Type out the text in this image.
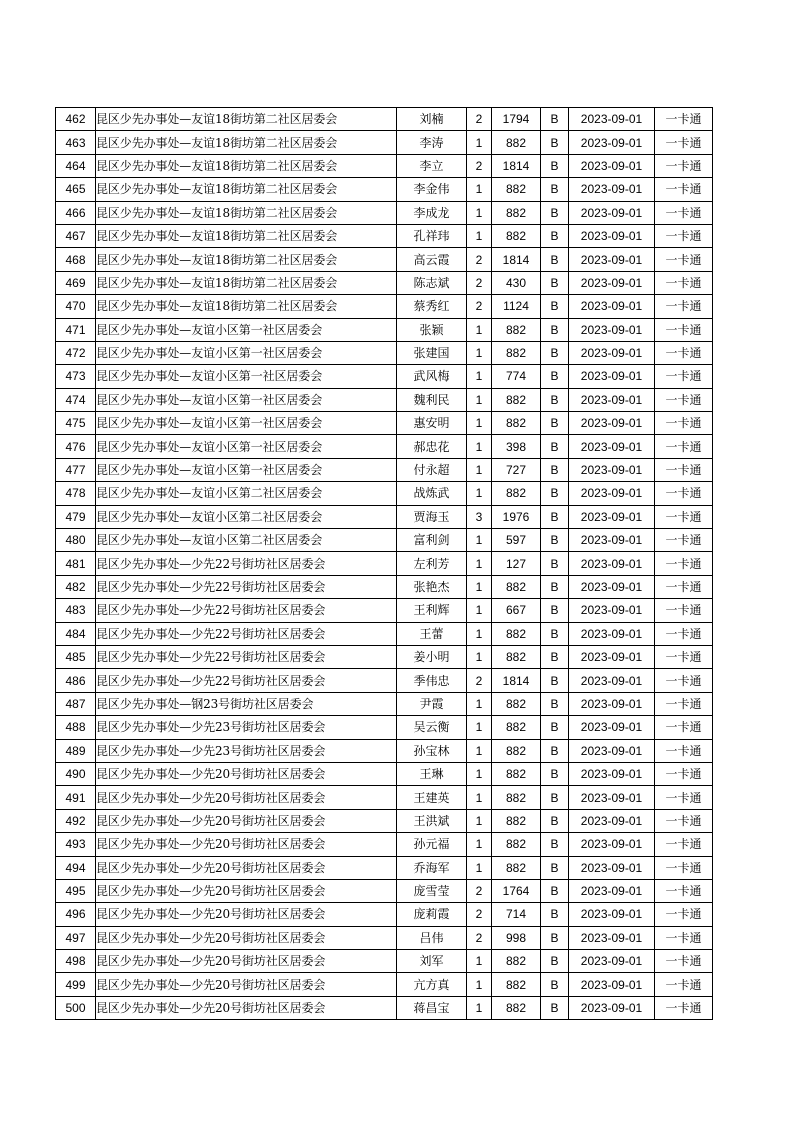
462	昆区少先办事处—友谊18街坊第二社区居委会	刘楠	2	1794	B	2023-09-01	一卡通
463	昆区少先办事处—友谊18街坊第二社区居委会	李涛	1	882	B	2023-09-01	一卡通
464	昆区少先办事处—友谊18街坊第二社区居委会	李立	2	1814	B	2023-09-01	一卡通
465	昆区少先办事处—友谊18街坊第二社区居委会	李金伟	1	882	B	2023-09-01	一卡通
466	昆区少先办事处—友谊18街坊第二社区居委会	李成龙	1	882	B	2023-09-01	一卡通
467	昆区少先办事处—友谊18街坊第二社区居委会	孔祥玮	1	882	B	2023-09-01	一卡通
468	昆区少先办事处—友谊18街坊第二社区居委会	高云霞	2	1814	B	2023-09-01	一卡通
469	昆区少先办事处—友谊18街坊第二社区居委会	陈志斌	2	430	B	2023-09-01	一卡通
470	昆区少先办事处—友谊18街坊第二社区居委会	蔡秀红	2	1124	B	2023-09-01	一卡通
471	昆区少先办事处—友谊小区第一社区居委会	张颖	1	882	B	2023-09-01	一卡通
472	昆区少先办事处—友谊小区第一社区居委会	张建国	1	882	B	2023-09-01	一卡通
473	昆区少先办事处—友谊小区第一社区居委会	武风梅	1	774	B	2023-09-01	一卡通
474	昆区少先办事处—友谊小区第一社区居委会	魏利民	1	882	B	2023-09-01	一卡通
475	昆区少先办事处—友谊小区第一社区居委会	惠安明	1	882	B	2023-09-01	一卡通
476	昆区少先办事处—友谊小区第一社区居委会	郝忠花	1	398	B	2023-09-01	一卡通
477	昆区少先办事处—友谊小区第一社区居委会	付永超	1	727	B	2023-09-01	一卡通
478	昆区少先办事处—友谊小区第二社区居委会	战炼武	1	882	B	2023-09-01	一卡通
479	昆区少先办事处—友谊小区第二社区居委会	贾海玉	3	1976	B	2023-09-01	一卡通
480	昆区少先办事处—友谊小区第二社区居委会	富利剑	1	597	B	2023-09-01	一卡通
481	昆区少先办事处—少先22号街坊社区居委会	左利芳	1	127	B	2023-09-01	一卡通
482	昆区少先办事处—少先22号街坊社区居委会	张艳杰	1	882	B	2023-09-01	一卡通
483	昆区少先办事处—少先22号街坊社区居委会	王利辉	1	667	B	2023-09-01	一卡通
484	昆区少先办事处—少先22号街坊社区居委会	王蕾	1	882	B	2023-09-01	一卡通
485	昆区少先办事处—少先22号街坊社区居委会	姜小明	1	882	B	2023-09-01	一卡通
486	昆区少先办事处—少先22号街坊社区居委会	季伟忠	2	1814	B	2023-09-01	一卡通
487	昆区少先办事处—钢23号街坊社区居委会	尹霞	1	882	B	2023-09-01	一卡通
488	昆区少先办事处—少先23号街坊社区居委会	吴云衡	1	882	B	2023-09-01	一卡通
489	昆区少先办事处—少先23号街坊社区居委会	孙宝林	1	882	B	2023-09-01	一卡通
490	昆区少先办事处—少先20号街坊社区居委会	王琳	1	882	B	2023-09-01	一卡通
491	昆区少先办事处—少先20号街坊社区居委会	王建英	1	882	B	2023-09-01	一卡通
492	昆区少先办事处—少先20号街坊社区居委会	王洪斌	1	882	B	2023-09-01	一卡通
493	昆区少先办事处—少先20号街坊社区居委会	孙元福	1	882	B	2023-09-01	一卡通
494	昆区少先办事处—少先20号街坊社区居委会	乔海军	1	882	B	2023-09-01	一卡通
495	昆区少先办事处—少先20号街坊社区居委会	庞雪莹	2	1764	B	2023-09-01	一卡通
496	昆区少先办事处—少先20号街坊社区居委会	庞莉霞	2	714	B	2023-09-01	一卡通
497	昆区少先办事处—少先20号街坊社区居委会	吕伟	2	998	B	2023-09-01	一卡通
498	昆区少先办事处—少先20号街坊社区居委会	刘军	1	882	B	2023-09-01	一卡通
499	昆区少先办事处—少先20号街坊社区居委会	亢方真	1	882	B	2023-09-01	一卡通
500	昆区少先办事处—少先20号街坊社区居委会	蒋昌宝	1	882	B	2023-09-01	一卡通
